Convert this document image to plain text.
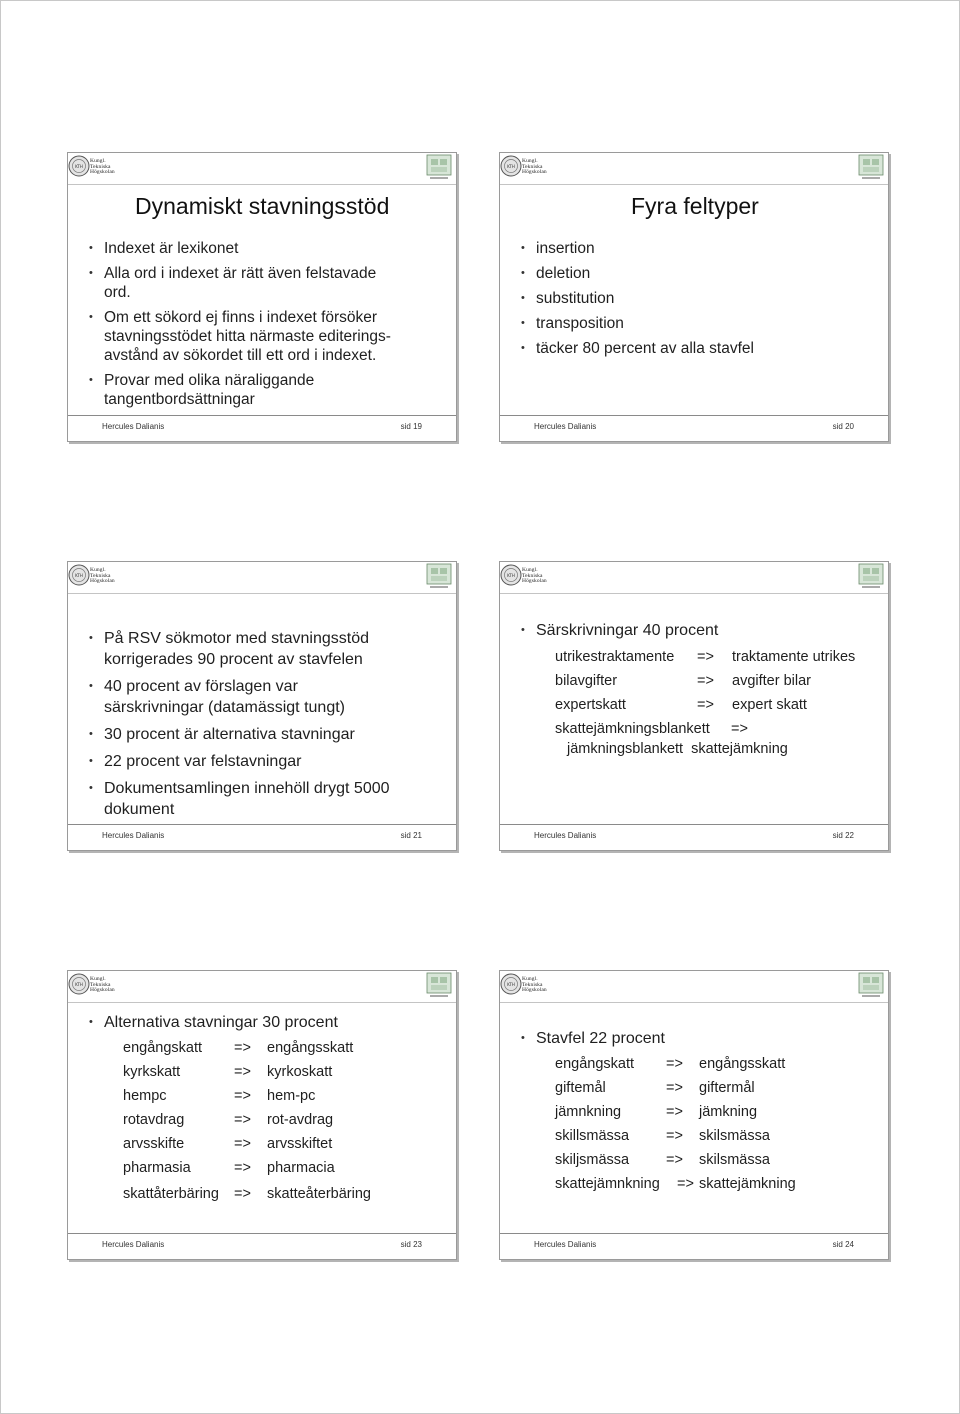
KTH
Kungl.
Tekniska
Högskolan
Dynamiskt stavningsstöd
• Indexet är lexikonet
• Alla ord i indexet är rätt även felstavade
ord.
• Om ett sökord ej finns i indexet försöker
stavningsstödet hitta närmaste editerings-
avstånd av sökordet till ett ord i indexet.
• Provar med olika näraliggande
tangentbordsättningar
Hercules Dalianis	sid 19
KTH
Kungl.
Tekniska
Högskolan
Fyra feltyper
• insertion
• deletion
• substitution
• transposition
• täcker 80 percent av alla stavfel
Hercules Dalianis	sid 20
KTH
Kungl.
Tekniska
Högskolan
• På RSV sökmotor med stavningsstöd
korrigerades 90 procent av stavfelen
• 40 procent av förslagen var
särskrivningar (datamässigt tungt)
• 30 procent är alternativa stavningar
• 22 procent var felstavningar
• Dokumentsamlingen innehöll drygt 5000
dokument
Hercules Dalianis	sid 21
KTH
Kungl.
Tekniska
Högskolan
• Särskrivningar 40 procent
utrikestraktamente => traktamente utrikes
bilavgifter	=> avgifter bilar
expertskatt	=> expert skatt
skattejämkningsblankett =>
jämkningsblankett  skattejämkning
Hercules Dalianis	sid 22
KTH
Kungl.
Tekniska
Högskolan
• Alternativa stavningar 30 procent
engångskatt => engångsskatt
kyrkskatt	=> kyrkoskatt
hempc	=> hem-pc
rotavdrag	=> rot-avdrag
arvsskifte	=> arvsskiftet
pharmasia	=> pharmacia
skattåterbäring => skatteåterbäring
Hercules Dalianis	sid 23
KTH
Kungl.
Tekniska
Högskolan
• Stavfel 22 procent
engångskatt => engångsskatt
giftemål	=> giftermål
jämnkning	=> jämkning
skillsmässa	=> skilsmässa
skiljsmässa	=> skilsmässa
skattejämnkning => skattejämkning
Hercules Dalianis	sid 24
